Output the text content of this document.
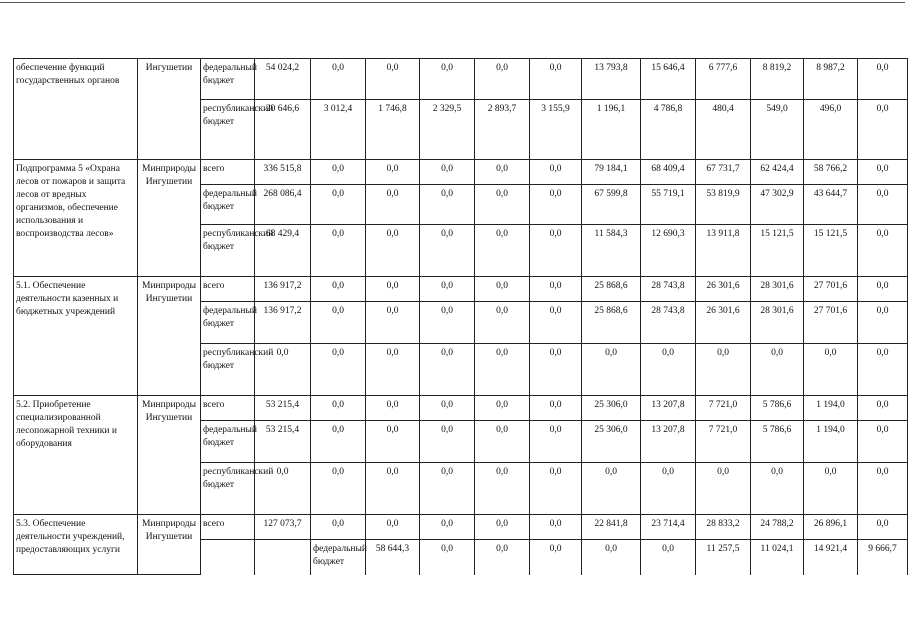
обеспечение функций государственных органов	Ингушетии	федеральный бюджет	54 024,2	0,0	0,0	0,0	0,0	0,0	13 793,8	15 646,4	6 777,6	8 819,2	8 987,2	0,0	
		республиканский бюджет	20 646,6	3 012,4	1 746,8	2 329,5	2 893,7	3 155,9	1 196,1	4 786,8	480,4	549,0	496,0	0,0	
Подпрограмма 5 «Охрана лесов от пожаров и защита лесов от вредных организмов, обеспечение использования и воспроизводства лесов»	Минприроды Ингушетии	всего	336 515,8	0,0	0,0	0,0	0,0	0,0	79 184,1	68 409,4	67 731,7	62 424,4	58 766,2	0,0	
		федеральный бюджет	268 086,4	0,0	0,0	0,0	0,0	0,0	67 599,8	55 719,1	53 819,9	47 302,9	43 644,7	0,0	
		республиканский бюджет	68 429,4	0,0	0,0	0,0	0,0	0,0	11 584,3	12 690,3	13 911,8	15 121,5	15 121,5	0,0	
5.1. Обеспечение деятельности казенных и бюджетных учреждений	Минприроды Ингушетии	всего	136 917,2	0,0	0,0	0,0	0,0	0,0	25 868,6	28 743,8	26 301,6	28 301,6	27 701,6	0,0	
		федеральный бюджет	136 917,2	0,0	0,0	0,0	0,0	0,0	25 868,6	28 743,8	26 301,6	28 301,6	27 701,6	0,0	
		республиканский бюджет	0,0	0,0	0,0	0,0	0,0	0,0	0,0	0,0	0,0	0,0	0,0	0,0	
5.2. Приобретение специализированной лесопожарной техники и оборудования	Минприроды Ингушетии	всего	53 215,4	0,0	0,0	0,0	0,0	0,0	25 306,0	13 207,8	7 721,0	5 786,6	1 194,0	0,0	
		федеральный бюджет	53 215,4	0,0	0,0	0,0	0,0	0,0	25 306,0	13 207,8	7 721,0	5 786,6	1 194,0	0,0	
		республиканский бюджет	0,0	0,0	0,0	0,0	0,0	0,0	0,0	0,0	0,0	0,0	0,0	0,0	
5.3. Обеспечение деятельности учреждений, предоставляющих услуги	Минприроды Ингушетии	всего	127 073,7	0,0	0,0	0,0	0,0	0,0	22 841,8	23 714,4	28 833,2	24 788,2	26 896,1	0,0	
				федеральный бюджет	58 644,3	0,0	0,0	0,0	0,0	0,0	11 257,5	11 024,1	14 921,4	9 666,7		
